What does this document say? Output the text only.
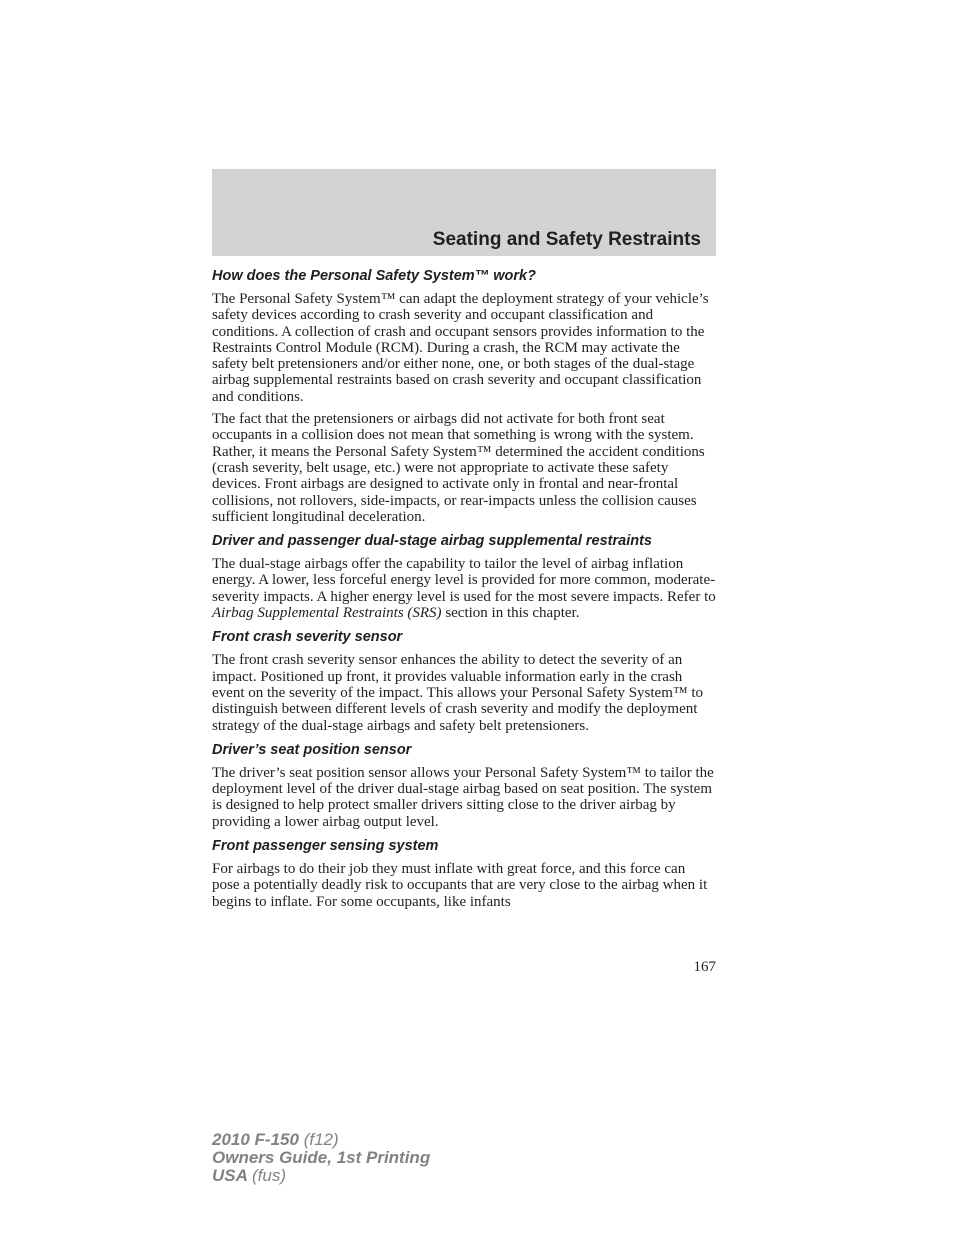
Seating and Safety Restraints
How does the Personal Safety System™ work?

The Personal Safety System™ can adapt the deployment strategy of your vehicle’s safety devices according to crash severity and occupant classification and conditions. A collection of crash and occupant sensors provides information to the Restraints Control Module (RCM). During a crash, the RCM may activate the safety belt pretensioners and/or either none, one, or both stages of the dual-stage airbag supplemental restraints based on crash severity and occupant classification and conditions.

The fact that the pretensioners or airbags did not activate for both front seat occupants in a collision does not mean that something is wrong with the system. Rather, it means the Personal Safety System™ determined the accident conditions (crash severity, belt usage, etc.) were not appropriate to activate these safety devices. Front airbags are designed to activate only in frontal and near-frontal collisions, not rollovers, side-impacts, or rear-impacts unless the collision causes sufficient longitudinal deceleration.

Driver and passenger dual-stage airbag supplemental restraints

The dual-stage airbags offer the capability to tailor the level of airbag inflation energy. A lower, less forceful energy level is provided for more common, moderate-severity impacts. A higher energy level is used for the most severe impacts. Refer to Airbag Supplemental Restraints (SRS) section in this chapter.

Front crash severity sensor

The front crash severity sensor enhances the ability to detect the severity of an impact. Positioned up front, it provides valuable information early in the crash event on the severity of the impact. This allows your Personal Safety System™ to distinguish between different levels of crash severity and modify the deployment strategy of the dual-stage airbags and safety belt pretensioners.

Driver’s seat position sensor

The driver’s seat position sensor allows your Personal Safety System™ to tailor the deployment level of the driver dual-stage airbag based on seat position. The system is designed to help protect smaller drivers sitting close to the driver airbag by providing a lower airbag output level.

Front passenger sensing system

For airbags to do their job they must inflate with great force, and this force can pose a potentially deadly risk to occupants that are very close to the airbag when it begins to inflate. For some occupants, like infants

167
2010 F-150 (f12)
Owners Guide, 1st Printing
USA (fus)
